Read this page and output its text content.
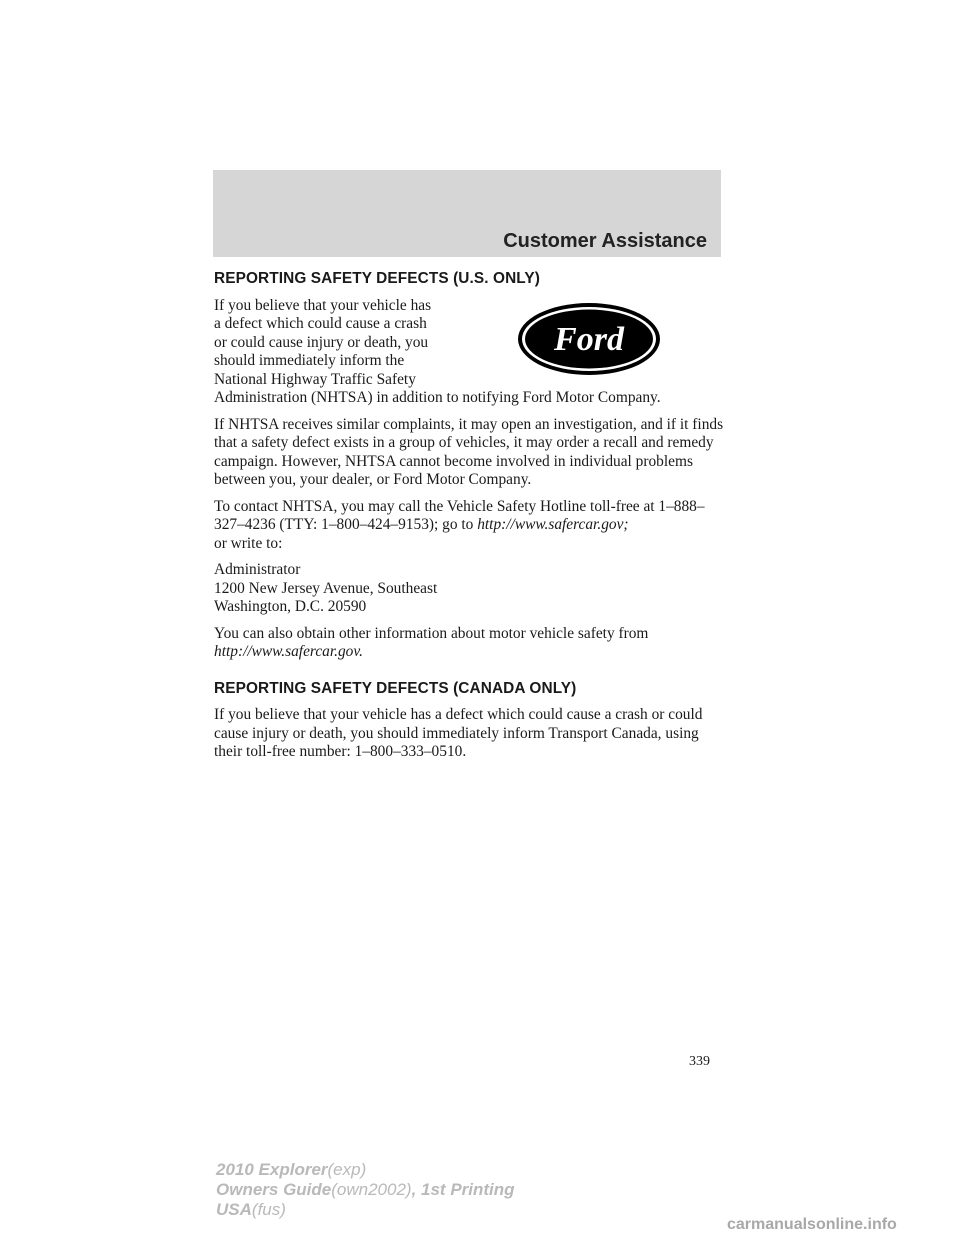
Customer Assistance
REPORTING SAFETY DEFECTS (U.S. ONLY)
Ford

If you believe that your vehicle has
a defect which could cause a crash
or could cause injury or death, you
should immediately inform the
National Highway Traffic Safety

Administration (NHTSA) in addition to notifying Ford Motor Company.

If NHTSA receives similar complaints, it may open an investigation, and if it finds that a safety defect exists in a group of vehicles, it may order a recall and remedy campaign. However, NHTSA cannot become involved in individual problems between you, your dealer, or Ford Motor Company.

To contact NHTSA, you may call the Vehicle Safety Hotline toll-free at 1–888–327–4236 (TTY: 1–800–424–9153); go to http://www.safercar.gov;
or write to:

Administrator

1200 New Jersey Avenue, Southeast

Washington, D.C. 20590

You can also obtain other information about motor vehicle safety from
http://www.safercar.gov.

REPORTING SAFETY DEFECTS (CANADA ONLY)

If you believe that your vehicle has a defect which could cause a crash or could cause injury or death, you should immediately inform Transport Canada, using their toll-free number: 1–800–333–0510.

339
2010 Explorer(exp)
Owners Guide(own2002), 1st Printing
USA(fus)
carmanualsonline.info
